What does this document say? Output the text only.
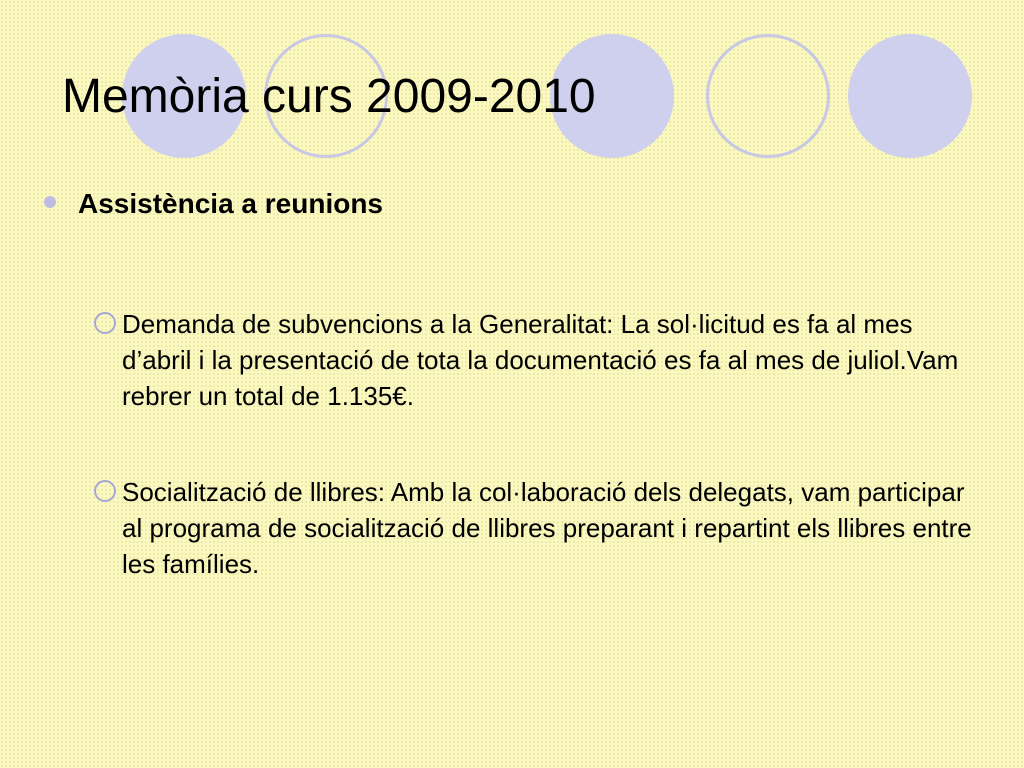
Memòria curs 2009-2010
Assistència a reunions

Demanda de subvencions a la Generalitat: La sol·licitud es fa al mes d’abril i la presentació de tota la documentació es fa al mes de juliol.Vam rebrer un total de 1.135€.

Socialització de llibres: Amb la col·laboració dels delegats, vam participar al programa de socialització de llibres preparant i repartint els llibres entre les famílies.
